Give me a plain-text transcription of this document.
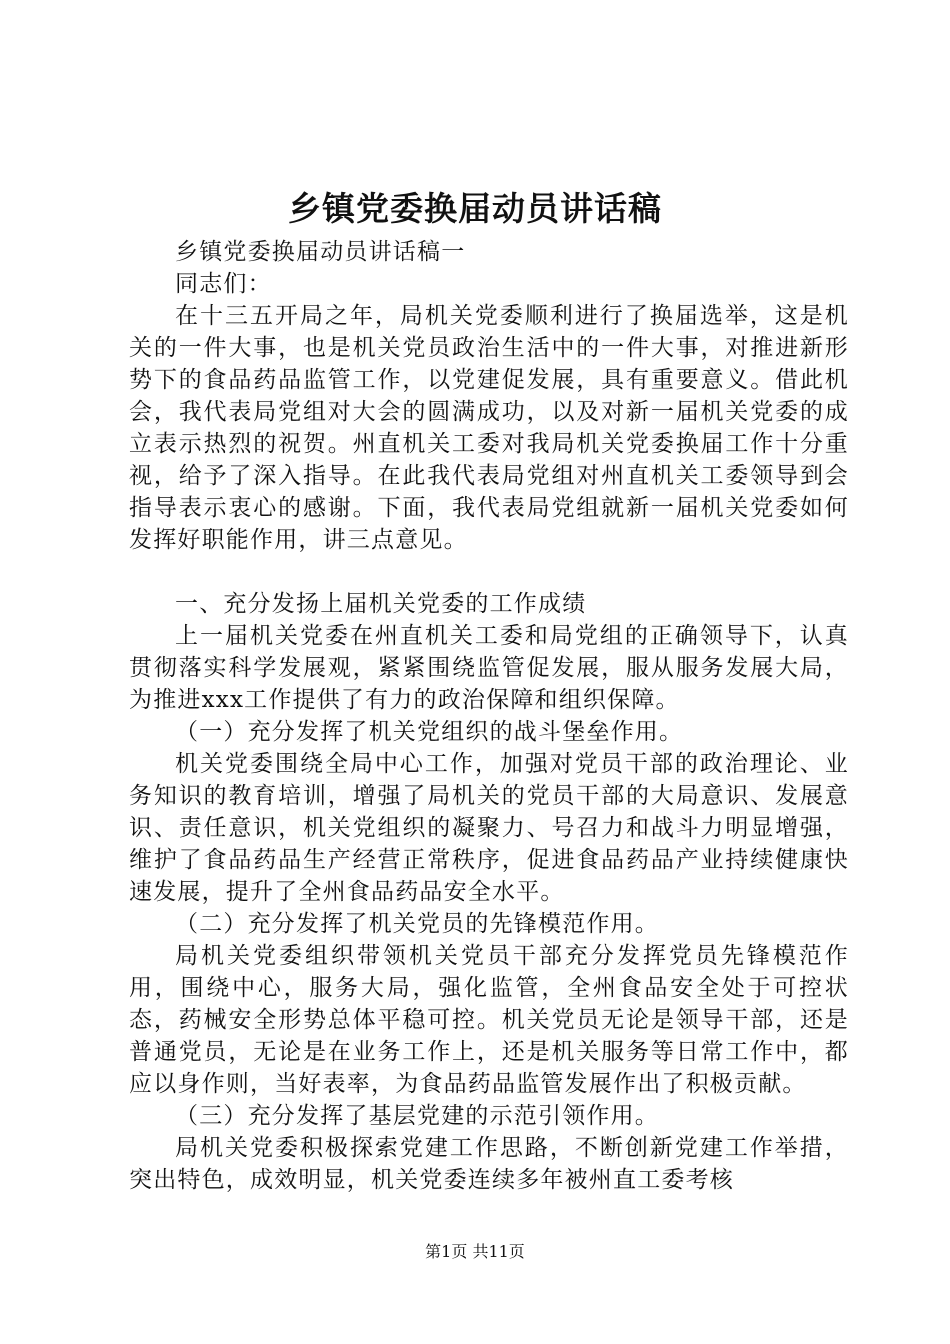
乡镇党委换届动员讲话稿

乡镇党委换届动员讲话稿一

同志们：

在十三五开局之年，局机关党委顺利进行了换届选举，这是机关的一件大事，也是机关党员政治生活中的一件大事，对推进新形势下的食品药品监管工作，以党建促发展，具有重要意义。借此机会，我代表局党组对大会的圆满成功，以及对新一届机关党委的成立表示热烈的祝贺。州直机关工委对我局机关党委换届工作十分重视，给予了深入指导。在此我代表局党组对州直机关工委领导到会指导表示衷心的感谢。下面，我代表局党组就新一届机关党委如何发挥好职能作用，讲三点意见。

一、充分发扬上届机关党委的工作成绩

上一届机关党委在州直机关工委和局党组的正确领导下，认真贯彻落实科学发展观，紧紧围绕监管促发展，服从服务发展大局，为推进xxx工作提供了有力的政治保障和组织保障。

（一）充分发挥了机关党组织的战斗堡垒作用。

机关党委围绕全局中心工作，加强对党员干部的政治理论、业务知识的教育培训，增强了局机关的党员干部的大局意识、发展意识、责任意识，机关党组织的凝聚力、号召力和战斗力明显增强，维护了食品药品生产经营正常秩序，促进食品药品产业持续健康快速发展，提升了全州食品药品安全水平。

（二）充分发挥了机关党员的先锋模范作用。

局机关党委组织带领机关党员干部充分发挥党员先锋模范作用，围绕中心，服务大局，强化监管，全州食品安全处于可控状态，药械安全形势总体平稳可控。机关党员无论是领导干部，还是普通党员，无论是在业务工作上，还是机关服务等日常工作中，都应以身作则，当好表率，为食品药品监管发展作出了积极贡献。

（三）充分发挥了基层党建的示范引领作用。

局机关党委积极探索党建工作思路，不断创新党建工作举措，突出特色，成效明显，机关党委连续多年被州直工委考核

第1页 共11页
